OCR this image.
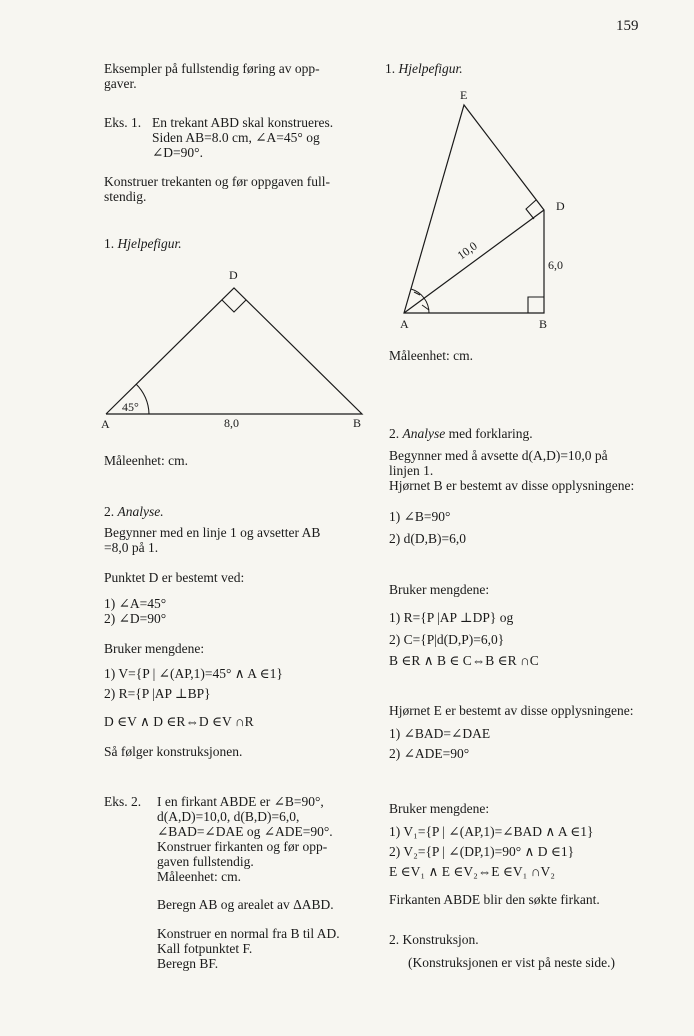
159
Eksempler på fullstendig føring av opp-
gaver.
Eks. 1. En trekant ABD skal konstrueres.
Siden AB=8.0 cm, ∠A=45° og
∠D=90°.
Konstruer trekanten og før oppgaven full-
stendig.
1. Hjelpefigur.
D
A	B
45°
8,0
Måleenhet: cm.
2. Analyse.
Begynner med en linje 1 og avsetter AB
=8,0 på 1.
Punktet D er bestemt ved:
1) ∠A=45°
2) ∠D=90°
Bruker mengdene:
1) V={P | ∠(AP,1)=45° ∧ A ∈1}
2) R={P |AP ⊥BP}
D ∈V ∧ D ∈R⇔D ∈V ∩R
Så følger konstruksjonen.
Eks. 2. I en firkant ABDE er ∠B=90°,
d(A,D)=10,0, d(B,D)=6,0,
∠BAD=∠DAE og ∠ADE=90°.
Konstruer firkanten og før opp-
gaven fullstendig.
Måleenhet: cm.
Beregn AB og arealet av ΔABD.
Konstruer en normal fra B til AD.
Kall fotpunktet F.
Beregn BF.
1. Hjelpefigur.
E
D
A	B
6,0
10,0
Måleenhet: cm.
2. Analyse med forklaring.
Begynner med å avsette d(A,D)=10,0 på
linjen 1.
Hjørnet B er bestemt av disse opplysningene:
1) ∠B=90°
2) d(D,B)=6,0
Bruker mengdene:
1) R={P |AP ⊥DP} og
2) C={P|d(D,P)=6,0}
B ∈R ∧ B ∈ C⇔B ∈R ∩C
Hjørnet E er bestemt av disse opplysningene:
1) ∠BAD=∠DAE
2) ∠ADE=90°
Bruker mengdene:
1) V₁={P | ∠(AP,1)=∠BAD ∧ A ∈1}
2) V₂={P | ∠(DP,1)=90° ∧ D ∈1}
E ∈V₁ ∧ E ∈V₂⇔E ∈V₁ ∩V₂
Firkanten ABDE blir den søkte firkant.
2. Konstruksjon.
(Konstruksjonen er vist på neste side.)
